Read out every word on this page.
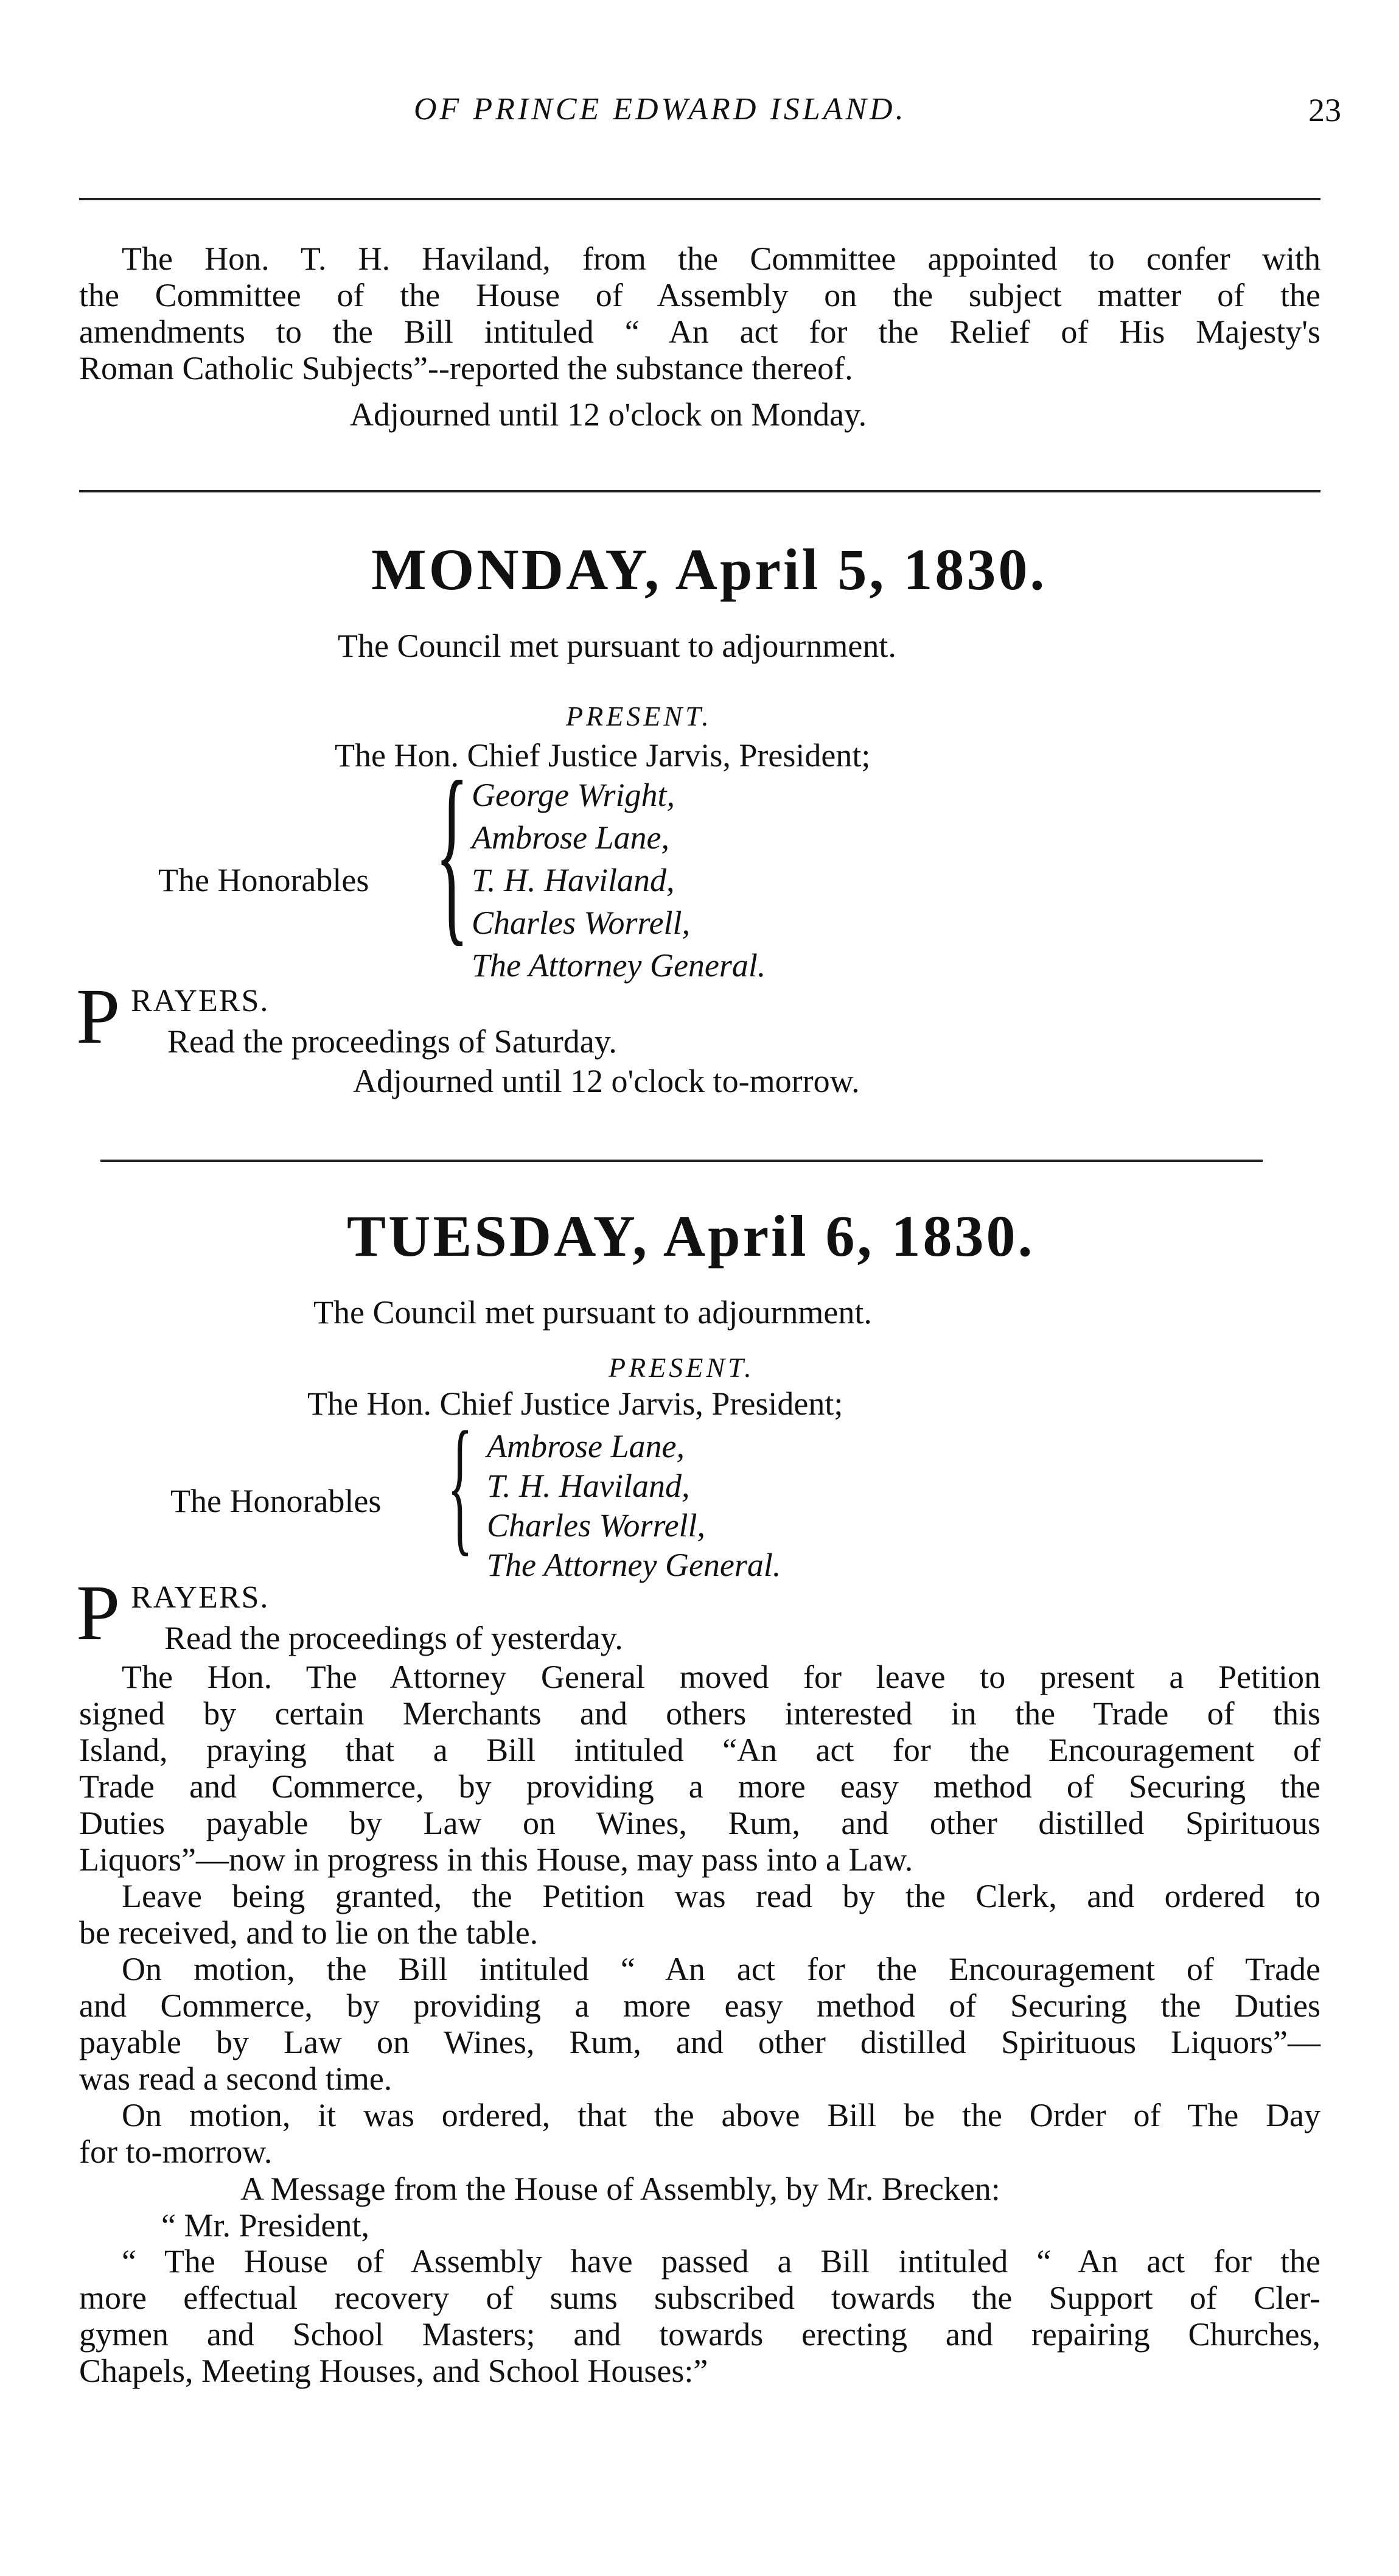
OF PRINCE EDWARD ISLAND.	23
The Hon. T. H. Haviland, from the Committee appointed to confer with
the Committee of the House of Assembly on the subject matter of the
amendments to the Bill intituled “ An act for the Relief of His Majesty's
Roman Catholic Subjects”--reported the substance thereof.
Adjourned until 12 o'clock on Monday.
MONDAY, April 5, 1830.
The Council met pursuant to adjournment.
PRESENT.
The Hon. Chief Justice Jarvis, President;
The Honorables { George Wright,
Ambrose Lane,
T. H. Haviland,
Charles Worrell,
The Attorney General.
P RAYERS.
Read the proceedings of Saturday.
Adjourned until 12 o'clock to-morrow.
TUESDAY, April 6, 1830.
The Council met pursuant to adjournment.
PRESENT.
The Hon. Chief Justice Jarvis, President;
The Honorables { Ambrose Lane,
T. H. Haviland,
Charles Worrell,
The Attorney General.
P RAYERS.
Read the proceedings of yesterday.
The Hon. The Attorney General moved for leave to present a Petition
signed by certain Merchants and others interested in the Trade of this
Island, praying that a Bill intituled “An act for the Encouragement of
Trade and Commerce, by providing a more easy method of Securing the
Duties payable by Law on Wines, Rum, and other distilled Spirituous
Liquors”—now in progress in this House, may pass into a Law.
Leave being granted, the Petition was read by the Clerk, and ordered to
be received, and to lie on the table.
On motion, the Bill intituled “ An act for the Encouragement of Trade
and Commerce, by providing a more easy method of Securing the Duties
payable by Law on Wines, Rum, and other distilled Spirituous Liquors”—
was read a second time.
On motion, it was ordered, that the above Bill be the Order of The Day
for to-morrow.
A Message from the House of Assembly, by Mr. Brecken:
“ Mr. President,
“ The House of Assembly have passed a Bill intituled “ An act for the
more effectual recovery of sums subscribed towards the Support of Cler-
gymen and School Masters; and towards erecting and repairing Churches,
Chapels, Meeting Houses, and School Houses:”
